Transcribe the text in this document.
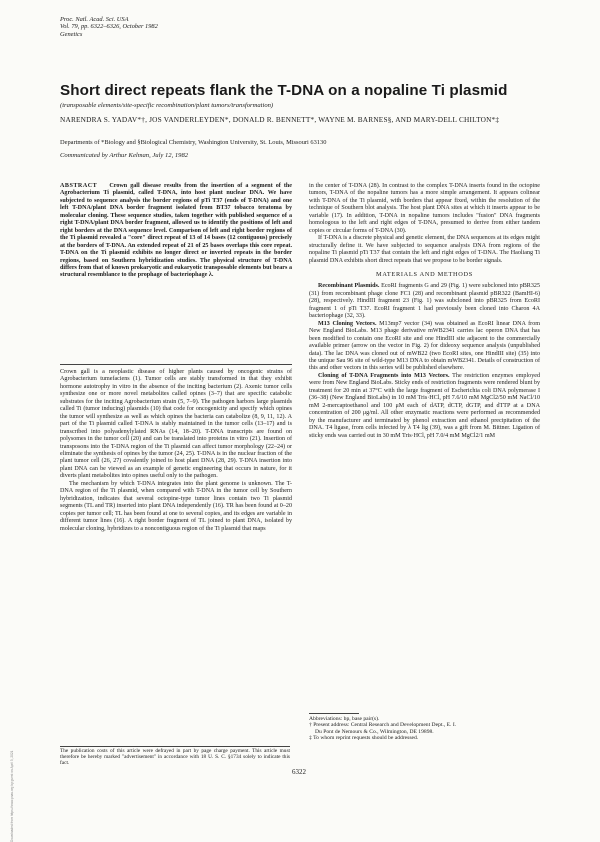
Proc. Natl. Acad. Sci. USA
Vol. 79, pp. 6322–6326, October 1982
Genetics
Short direct repeats flank the T-DNA on a nopaline Ti plasmid
(transposable elements/site-specific recombination/plant tumors/transformation)
NARENDRA S. YADAV*†, JOS VANDERLEYDEN*, DONALD R. BENNETT*, WAYNE M. BARNES§, AND MARY-DELL CHILTON*‡
Departments of *Biology and §Biological Chemistry, Washington University, St. Louis, Missouri 63130
Communicated by Arthur Kelman, July 12, 1982

ABSTRACT Crown gall disease results from the insertion of a segment of the Agrobacterium Ti plasmid, called T-DNA, into host plant nuclear DNA. We have subjected to sequence analysis the border regions of pTi T37 (ends of T-DNA) and one left T-DNA/plant DNA border fragment isolated from BT37 tobacco teratoma by molecular cloning. These sequence studies, taken together with published sequence of a right T-DNA/plant DNA border fragment, allowed us to identify the positions of left and right borders at the DNA sequence level. Comparison of left and right border regions of the Ti plasmid revealed a "core" direct repeat of 13 of 14 bases (12 contiguous) precisely at the borders of T-DNA. An extended repeat of 21 of 25 bases overlaps this core repeat. T-DNA on the Ti plasmid exhibits no longer direct or inverted repeats in the border regions, based on Southern hybridization studies. The physical structure of T-DNA differs from that of known prokaryotic and eukaryotic transposable elements but bears a structural resemblance to the prophage of bacteriophage λ.

Crown gall is a neoplastic disease of higher plants caused by oncogenic strains of Agrobacterium tumefaciens (1). Tumor cells are stably transformed in that they exhibit hormone autotrophy in vitro in the absence of the inciting bacterium (2). Axenic tumor cells synthesize one or more novel metabolites called opines (3–7) that are specific catabolic substrates for the inciting Agrobacterium strain (5, 7–9). The pathogen harbors large plasmids called Ti (tumor inducing) plasmids (10) that code for oncogenicity and specify which opines the tumor will synthesize as well as which opines the bacteria can catabolize (8, 9, 11, 12). A part of the Ti plasmid called T-DNA is stably maintained in the tumor cells (13–17) and is transcribed into polyadenylylated RNAs (14, 18–20). T-DNA transcripts are found on polysomes in the tumor cell (20) and can be translated into proteins in vitro (21). Insertion of transposons into the T-DNA region of the Ti plasmid can affect tumor morphology (22–24) or eliminate the synthesis of opines by the tumor (24, 25). T-DNA is in the nuclear fraction of the plant tumor cell (26, 27) covalently joined to host plant DNA (28, 29). T-DNA insertion into plant DNA can be viewed as an example of genetic engineering that occurs in nature, for it diverts plant metabolites into opines useful only to the pathogen.

The mechanism by which T-DNA integrates into the plant genome is unknown. The T-DNA region of the Ti plasmid, when compared with T-DNA in the tumor cell by Southern hybridization, indicates that several octopine-type tumor lines contain two Ti plasmid segments (TL and TR) inserted into plant DNA independently (16). TR has been found at 0–20 copies per tumor cell; TL has been found at one to several copies, and its edges are variable in different tumor lines (16). A right border fragment of TL joined to plant DNA, isolated by molecular cloning, hybridizes to a noncontiguous region of the Ti plasmid that maps

in the center of T-DNA (28). In contrast to the complex T-DNA inserts found in the octopine tumors, T-DNA of the nopaline tumors has a more simple arrangement. It appears colinear with T-DNA of the Ti plasmid, with borders that appear fixed, within the resolution of the technique of Southern blot analysis. The host plant DNA sites at which it inserts appear to be variable (17). In addition, T-DNA in nopaline tumors includes "fusion" DNA fragments homologous to the left and right edges of T-DNA, presumed to derive from either tandem copies or circular forms of T-DNA (30).

If T-DNA is a discrete physical and genetic element, the DNA sequences at its edges might structurally define it. We have subjected to sequence analysis DNA from regions of the nopaline Ti plasmid pTi T37 that contain the left and right edges of T-DNA. The Haoliang Ti plasmid DNA exhibits short direct repeats that we propose to be border signals.

MATERIALS AND METHODS

Recombinant Plasmids. EcoRI fragments G and 29 (Fig. 1) were subcloned into pBR325 (31) from recombinant phage clone FC1 (28) and recombinant plasmid pBR322 (BamHI-6) (28), respectively. HindIII fragment 23 (Fig. 1) was subcloned into pBR325 from EcoRI fragment 1 of pTi T37. EcoRI fragment 1 had previously been cloned into Charon 4A bacteriophage (32, 33).

M13 Cloning Vectors. M13mp7 vector (34) was obtained as EcoRI linear DNA from New England BioLabs. M13 phage derivative mWB2341 carries lac operon DNA that has been modified to contain one EcoRI site and one HindIII site adjacent to the commercially available primer (arrow on the vector in Fig. 2) for dideoxy sequence analysis (unpublished data). The lac DNA was cloned out of mWB22 (two EcoRI sites, one HindIII site) (35) into the unique Sau 96 site of wild-type M13 DNA to obtain mWB2341. Details of construction of this and other vectors in this series will be published elsewhere.

Cloning of T-DNA Fragments into M13 Vectors. The restriction enzymes employed were from New England BioLabs. Sticky ends of restriction fragments were rendered blunt by treatment for 20 min at 37°C with the large fragment of Escherichia coli DNA polymerase I (36–38) (New England BioLabs) in 10 mM Tris·HCl, pH 7.6/10 mM MgCl2/50 mM NaCl/10 mM 2-mercaptoethanol and 100 μM each of dATP, dCTP, dGTP, and dTTP at a DNA concentration of 200 μg/ml. All other enzymatic reactions were performed as recommended by the manufacturer and terminated by phenol extraction and ethanol precipitation of the DNA. T4 ligase, from cells infected by λ T4 lig (39), was a gift from M. Bittner. Ligation of sticky ends was carried out in 30 mM Tris·HCl, pH 7.0/4 mM MgCl2/1 mM

The publication costs of this article were defrayed in part by page charge payment. This article must therefore be hereby marked "advertisement" in accordance with 18 U. S. C. §1734 solely to indicate this fact.
Abbreviations: bp, base pair(s).
† Present address: Central Research and Development Dept., E. I.
Du Pont de Nemours & Co., Wilmington, DE 19898.
‡ To whom reprint requests should be addressed.
6322
Downloaded from https://www.pnas.org by guest on April 3, 2021
